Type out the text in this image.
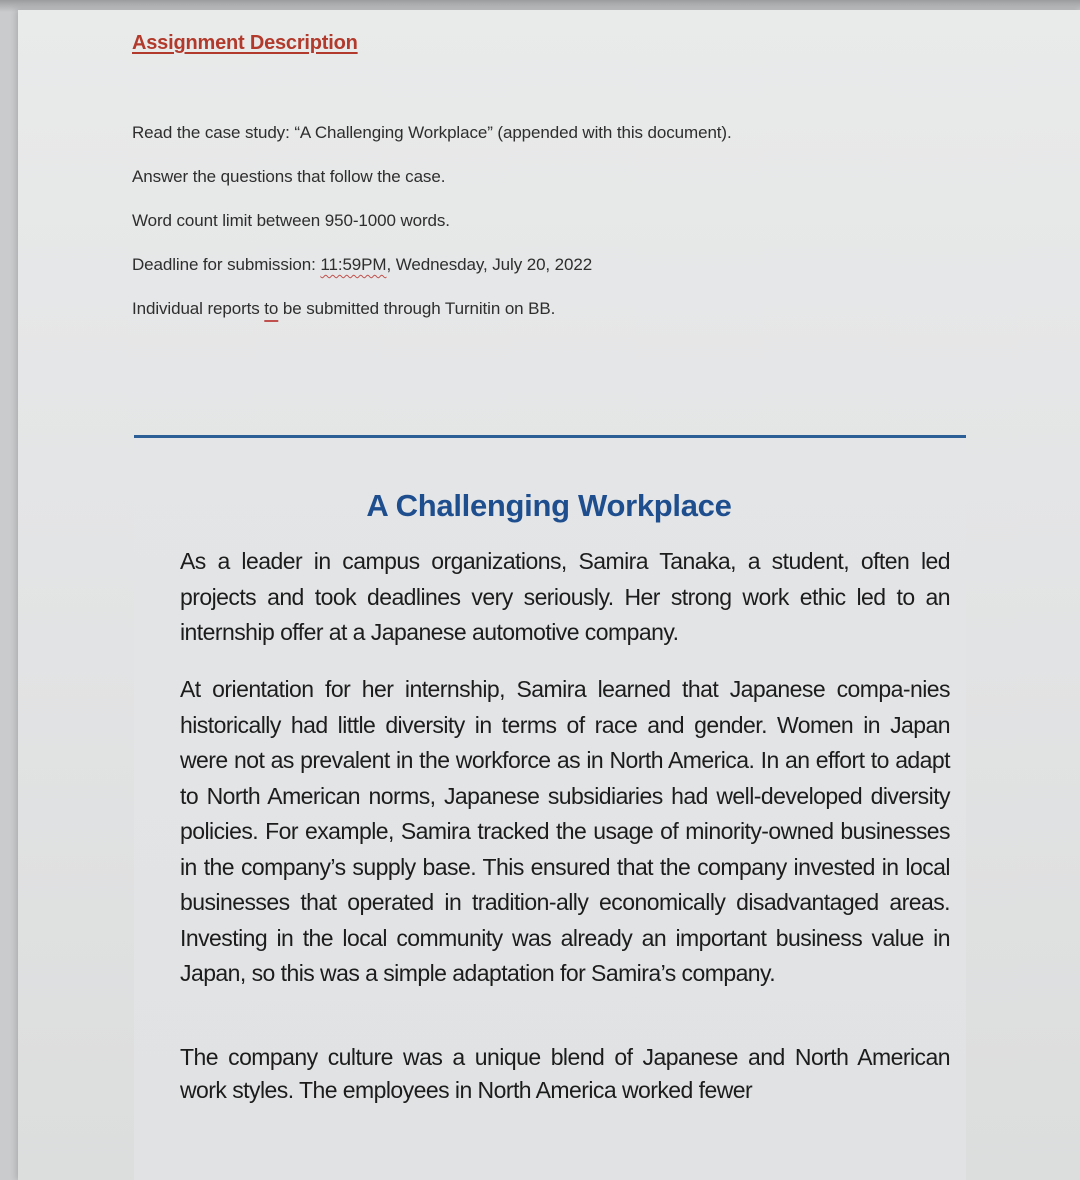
Assignment Description
Read the case study: “A Challenging Workplace” (appended with this document).
Answer the questions that follow the case.
Word count limit between 950-1000 words.
Deadline for submission: 11:59PM, Wednesday, July 20, 2022
Individual reports to be submitted through Turnitin on BB.
A Challenging Workplace

As a leader in campus organizations, Samira Tanaka, a student, often led projects and took deadlines very seriously. Her strong work ethic led to an internship offer at a Japanese automotive company.

At orientation for her internship, Samira learned that Japanese compa-nies historically had little diversity in terms of race and gender. Women in Japan were not as prevalent in the workforce as in North America. In an effort to adapt to North American norms, Japanese subsidiaries had well-developed diversity policies. For example, Samira tracked the usage of minority-owned businesses in the company’s supply base. This ensured that the company invested in local businesses that operated in tradition-ally economically disadvantaged areas. Investing in the local community was already an important business value in Japan, so this was a simple adaptation for Samira’s company.

The company culture was a unique blend of Japanese and North American work styles. The employees in North America worked fewer
